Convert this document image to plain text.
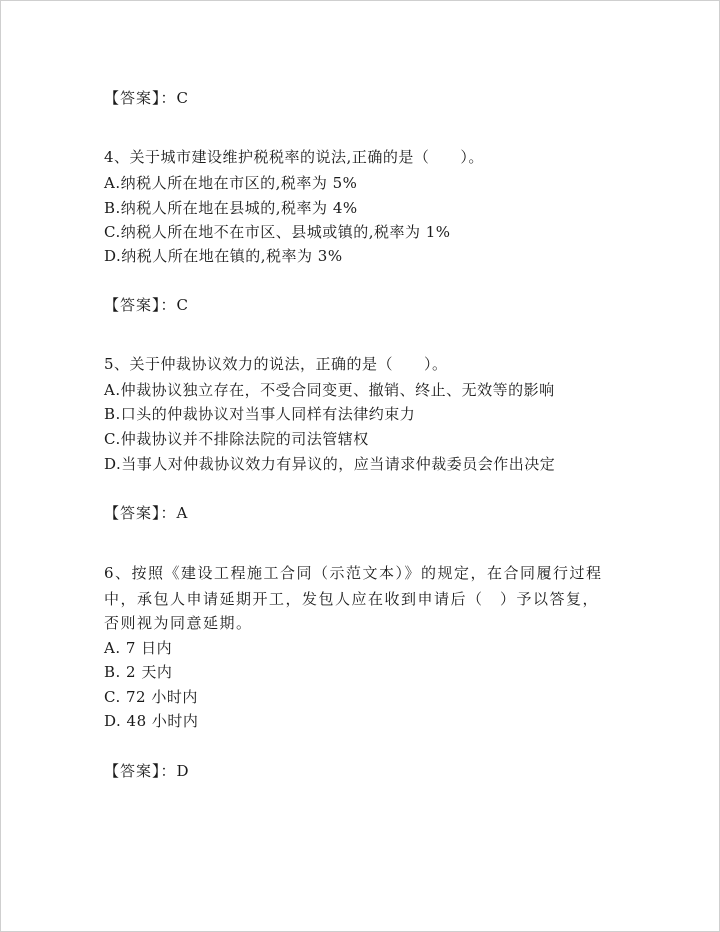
【答案】：C
4、关于城市建设维护税税率的说法,正确的是（　　）。
A.纳税人所在地在市区的,税率为 5%
B.纳税人所在地在县城的,税率为 4%
C.纳税人所在地不在市区、县城或镇的,税率为 1%
D.纳税人所在地在镇的,税率为 3%
【答案】：C
5、关于仲裁协议效力的说法，正确的是（　　）。
A.仲裁协议独立存在，不受合同变更、撤销、终止、无效等的影响
B.口头的仲裁协议对当事人同样有法律约束力
C.仲裁协议并不排除法院的司法管辖权
D.当事人对仲裁协议效力有异议的，应当请求仲裁委员会作出决定
【答案】：A
6、按照《建设工程施工合同（示范文本）》的规定，在合同履行过程
中，承包人申请延期开工，发包人应在收到申请后（　）予以答复，
否则视为同意延期。
A. 7 日内
B. 2 天内
C. 72 小时内
D. 48 小时内
【答案】：D
